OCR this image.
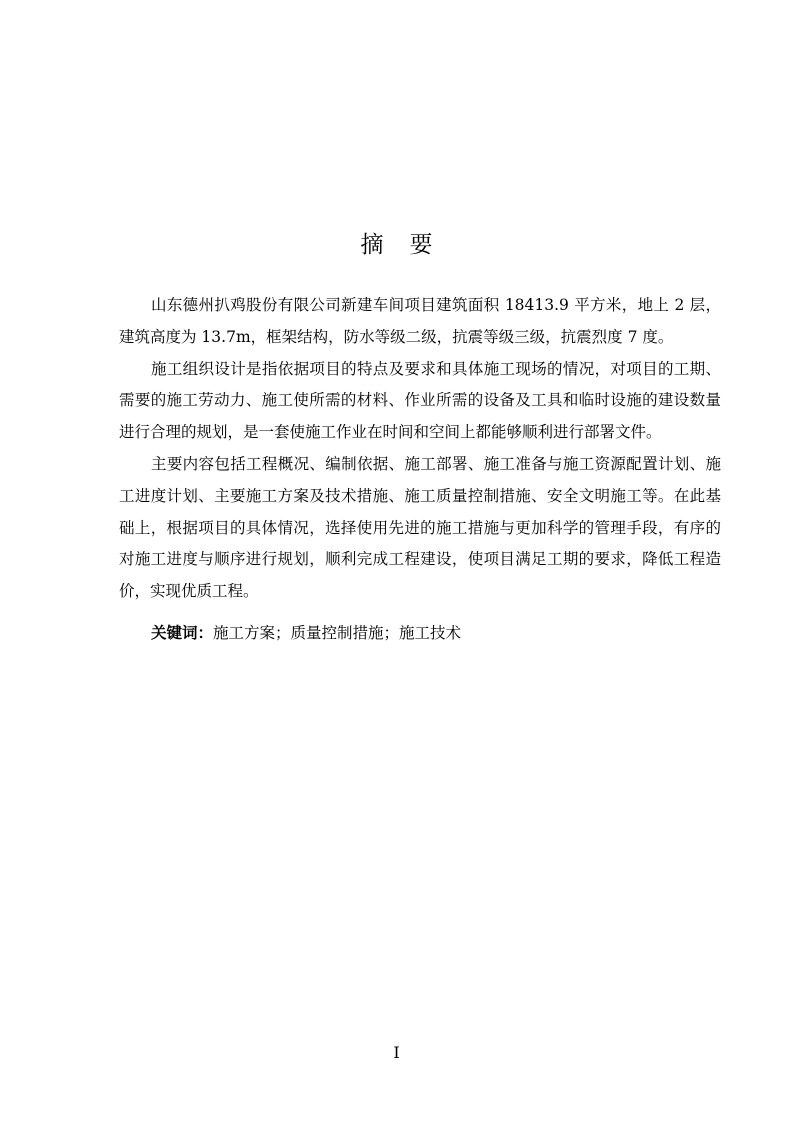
摘要

山东德州扒鸡股份有限公司新建车间项目建筑面积 18413.9 平方米，地上 2 层，建筑高度为 13.7m，框架结构，防水等级二级，抗震等级三级，抗震烈度 7 度。

施工组织设计是指依据项目的特点及要求和具体施工现场的情况，对项目的工期、需要的施工劳动力、施工使所需的材料、作业所需的设备及工具和临时设施的建设数量进行合理的规划，是一套使施工作业在时间和空间上都能够顺利进行部署文件。

主要内容包括工程概况、编制依据、施工部署、施工准备与施工资源配置计划、施工进度计划、主要施工方案及技术措施、施工质量控制措施、安全文明施工等。在此基础上，根据项目的具体情况，选择使用先进的施工措施与更加科学的管理手段，有序的对施工进度与顺序进行规划，顺利完成工程建设，使项目满足工期的要求，降低工程造价，实现优质工程。

关键词：施工方案；质量控制措施；施工技术
I
